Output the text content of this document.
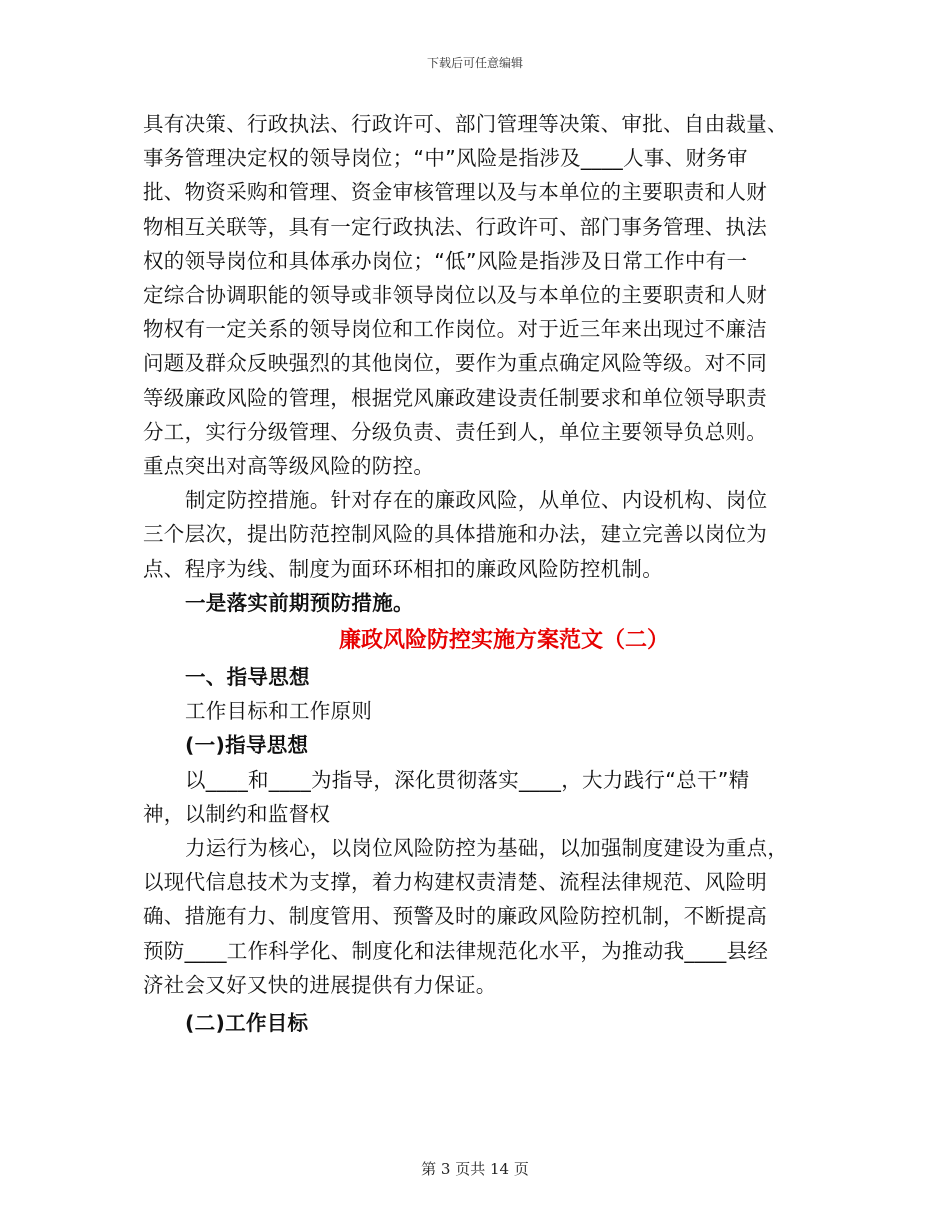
下载后可任意编辑

具有决策、行政执法、行政许可、部门管理等决策、审批、自由裁量、

事务管理决定权的领导岗位；“中”风险是指涉及____人事、财务审

批、物资采购和管理、资金审核管理以及与本单位的主要职责和人财

物相互关联等，具有一定行政执法、行政许可、部门事务管理、执法

权的领导岗位和具体承办岗位；“低”风险是指涉及日常工作中有一

定综合协调职能的领导或非领导岗位以及与本单位的主要职责和人财

物权有一定关系的领导岗位和工作岗位。对于近三年来出现过不廉洁

问题及群众反映强烈的其他岗位，要作为重点确定风险等级。对不同

等级廉政风险的管理，根据党风廉政建设责任制要求和单位领导职责

分工，实行分级管理、分级负责、责任到人，单位主要领导负总则。

重点突出对高等级风险的防控。

制定防控措施。针对存在的廉政风险，从单位、内设机构、岗位

三个层次，提出防范控制风险的具体措施和办法，建立完善以岗位为

点、程序为线、制度为面环环相扣的廉政风险防控机制。

一是落实前期预防措施。

廉政风险防控实施方案范文（二）

一、指导思想

工作目标和工作原则

(一)指导思想

以____和____为指导，深化贯彻落实____，大力践行“总干”精

神，以制约和监督权

力运行为核心，以岗位风险防控为基础，以加强制度建设为重点，

以现代信息技术为支撑，着力构建权责清楚、流程法律规范、风险明

确、措施有力、制度管用、预警及时的廉政风险防控机制，不断提高

预防____工作科学化、制度化和法律规范化水平，为推动我____县经

济社会又好又快的进展提供有力保证。

(二)工作目标

第 3 页共 14 页
